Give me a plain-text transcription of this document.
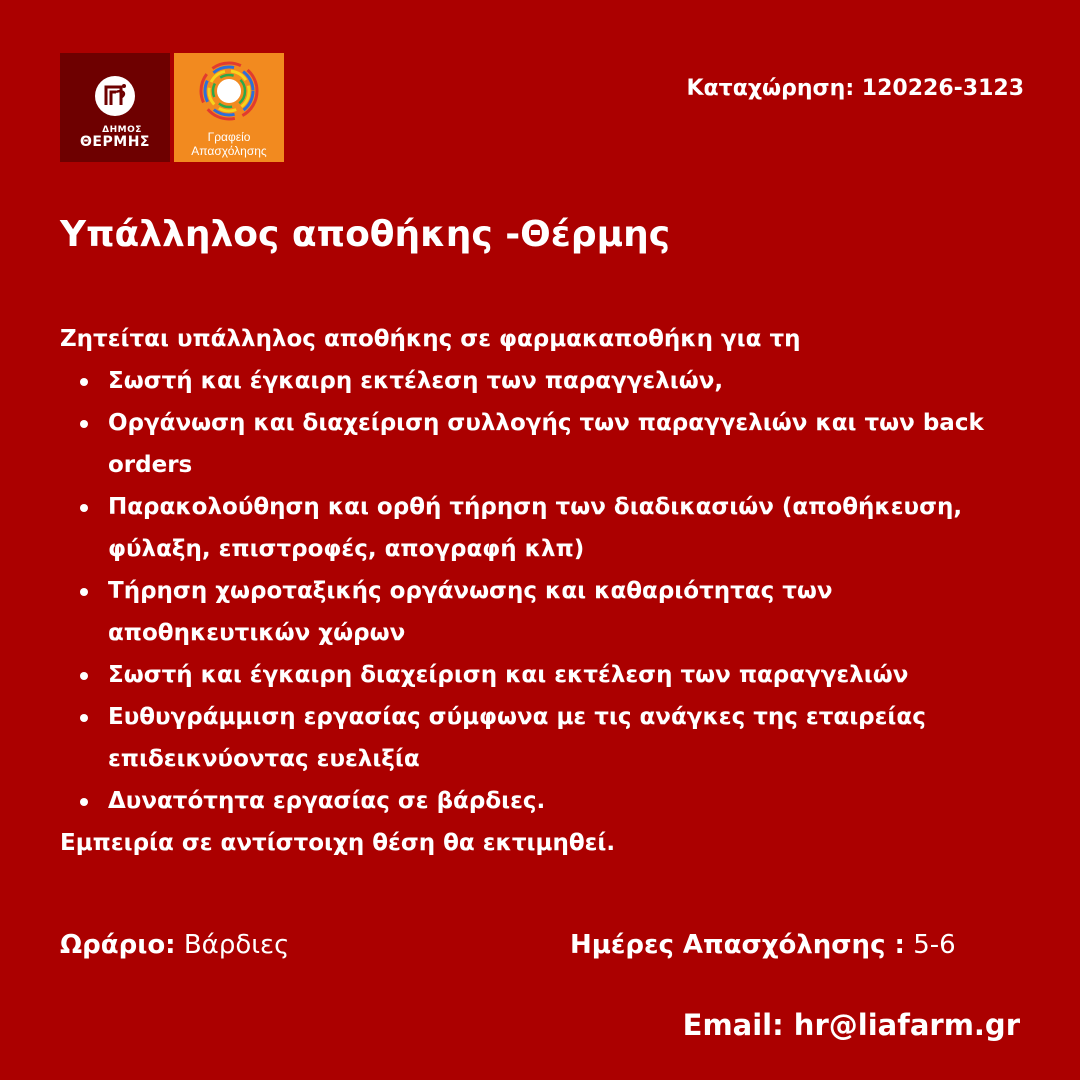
ΔΗΜΟΣ
ΘΕΡΜΗΣ	Γραφείο
Απασχόλησης
Καταχώρηση: 120226-3123
Υπάλληλος αποθήκης -Θέρμης

Ζητείται υπάλληλος αποθήκης σε φαρμακαποθήκη για τη

Σωστή και έγκαιρη εκτέλεση των παραγγελιών,
Οργάνωση και διαχείριση συλλογής των παραγγελιών και των back orders
Παρακολούθηση και ορθή τήρηση των διαδικασιών (αποθήκευση, φύλαξη, επιστροφές, απογραφή κλπ)
Τήρηση χωροταξικής οργάνωσης και καθαριότητας των αποθηκευτικών χώρων
Σωστή και έγκαιρη διαχείριση και εκτέλεση των παραγγελιών
Ευθυγράμμιση εργασίας σύμφωνα με τις ανάγκες της εταιρείας επιδεικνύοντας ευελιξία
Δυνατότητα εργασίας σε βάρδιες.

Εμπειρία σε αντίστοιχη θέση θα εκτιμηθεί.

Ωράριο: Βάρδιες	Ημέρες Απασχόλησης : 5-6
Email: hr@liafarm.gr
